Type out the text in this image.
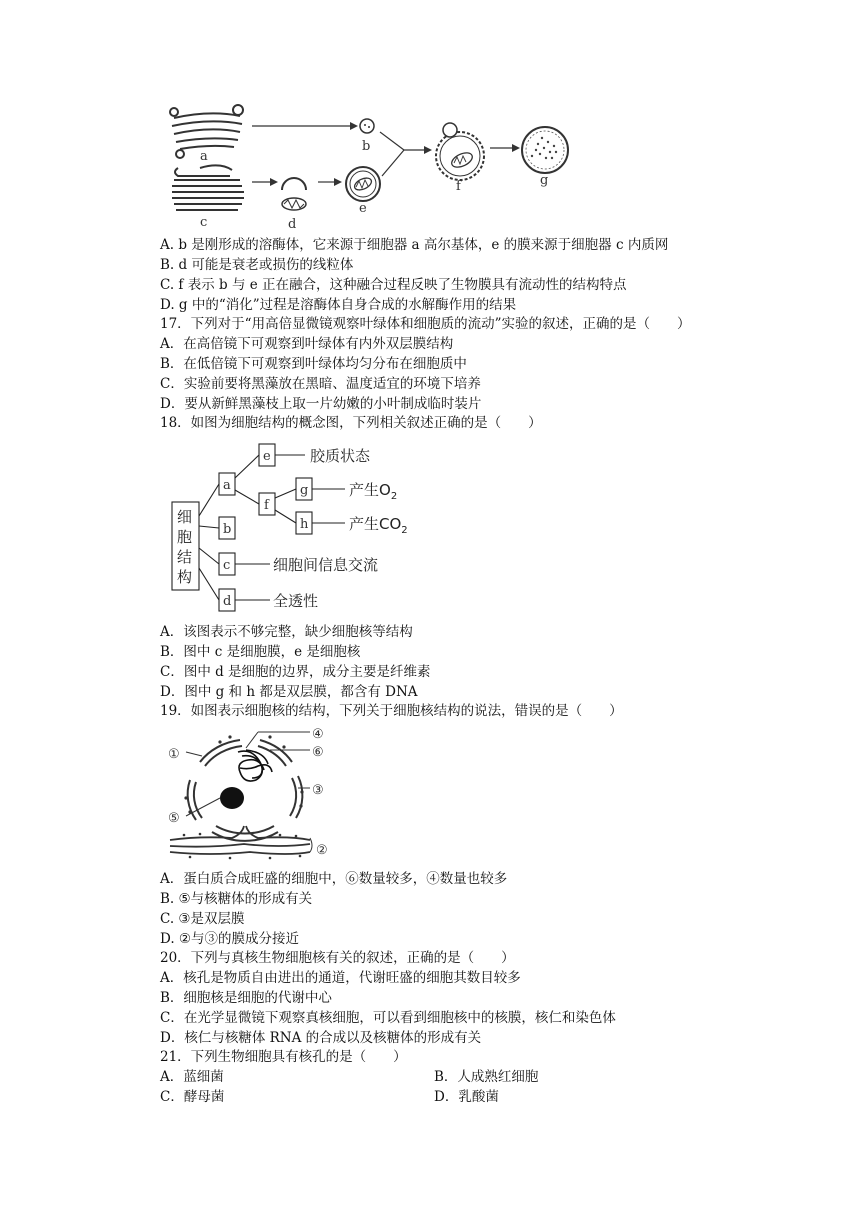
a
b
c	d
e
f	g
A. b 是刚形成的溶酶体，它来源于细胞器 a 高尔基体，e 的膜来源于细胞器 c 内质网
B. d 可能是衰老或损伤的线粒体
C. f 表示 b 与 e 正在融合，这种融合过程反映了生物膜具有流动性的结构特点
D. g 中的“消化”过程是溶酶体自身合成的水解酶作用的结果
17．下列对于“用高倍显微镜观察叶绿体和细胞质的流动”实验的叙述，正确的是（　　）
A．在高倍镜下可观察到叶绿体有内外双层膜结构
B．在低倍镜下可观察到叶绿体均匀分布在细胞质中
C．实验前要将黑藻放在黑暗、温度适宜的环境下培养
D．要从新鲜黑藻枝上取一片幼嫩的小叶制成临时装片
18．如图为细胞结构的概念图，下列相关叙述正确的是（　　）
细
胞
结
构
a
b
c
d
e
f
g
h
胶质状态
产生$O_2$
产生$CO_2$
细胞间信息交流
全透性
A．该图表示不够完整，缺少细胞核等结构
B．图中 c 是细胞膜，e 是细胞核
C．图中 d 是细胞的边界，成分主要是纤维素
D．图中 g 和 h 都是双层膜，都含有 DNA
19．如图表示细胞核的结构，下列关于细胞核结构的说法，错误的是（　　）
①
④
⑥
③
⑤
②
A．蛋白质合成旺盛的细胞中，⑥数量较多，④数量也较多
B. ⑤与核糖体的形成有关
C. ③是双层膜
D. ②与③的膜成分接近
20．下列与真核生物细胞核有关的叙述，正确的是（　　）
A．核孔是物质自由进出的通道，代谢旺盛的细胞其数目较多
B．细胞核是细胞的代谢中心
C．在光学显微镜下观察真核细胞，可以看到细胞核中的核膜，核仁和染色体
D．核仁与核糖体 RNA 的合成以及核糖体的形成有关
21．下列生物细胞具有核孔的是（　　）
A．蓝细菌	B．人成熟红细胞
C．酵母菌	D．乳酸菌
